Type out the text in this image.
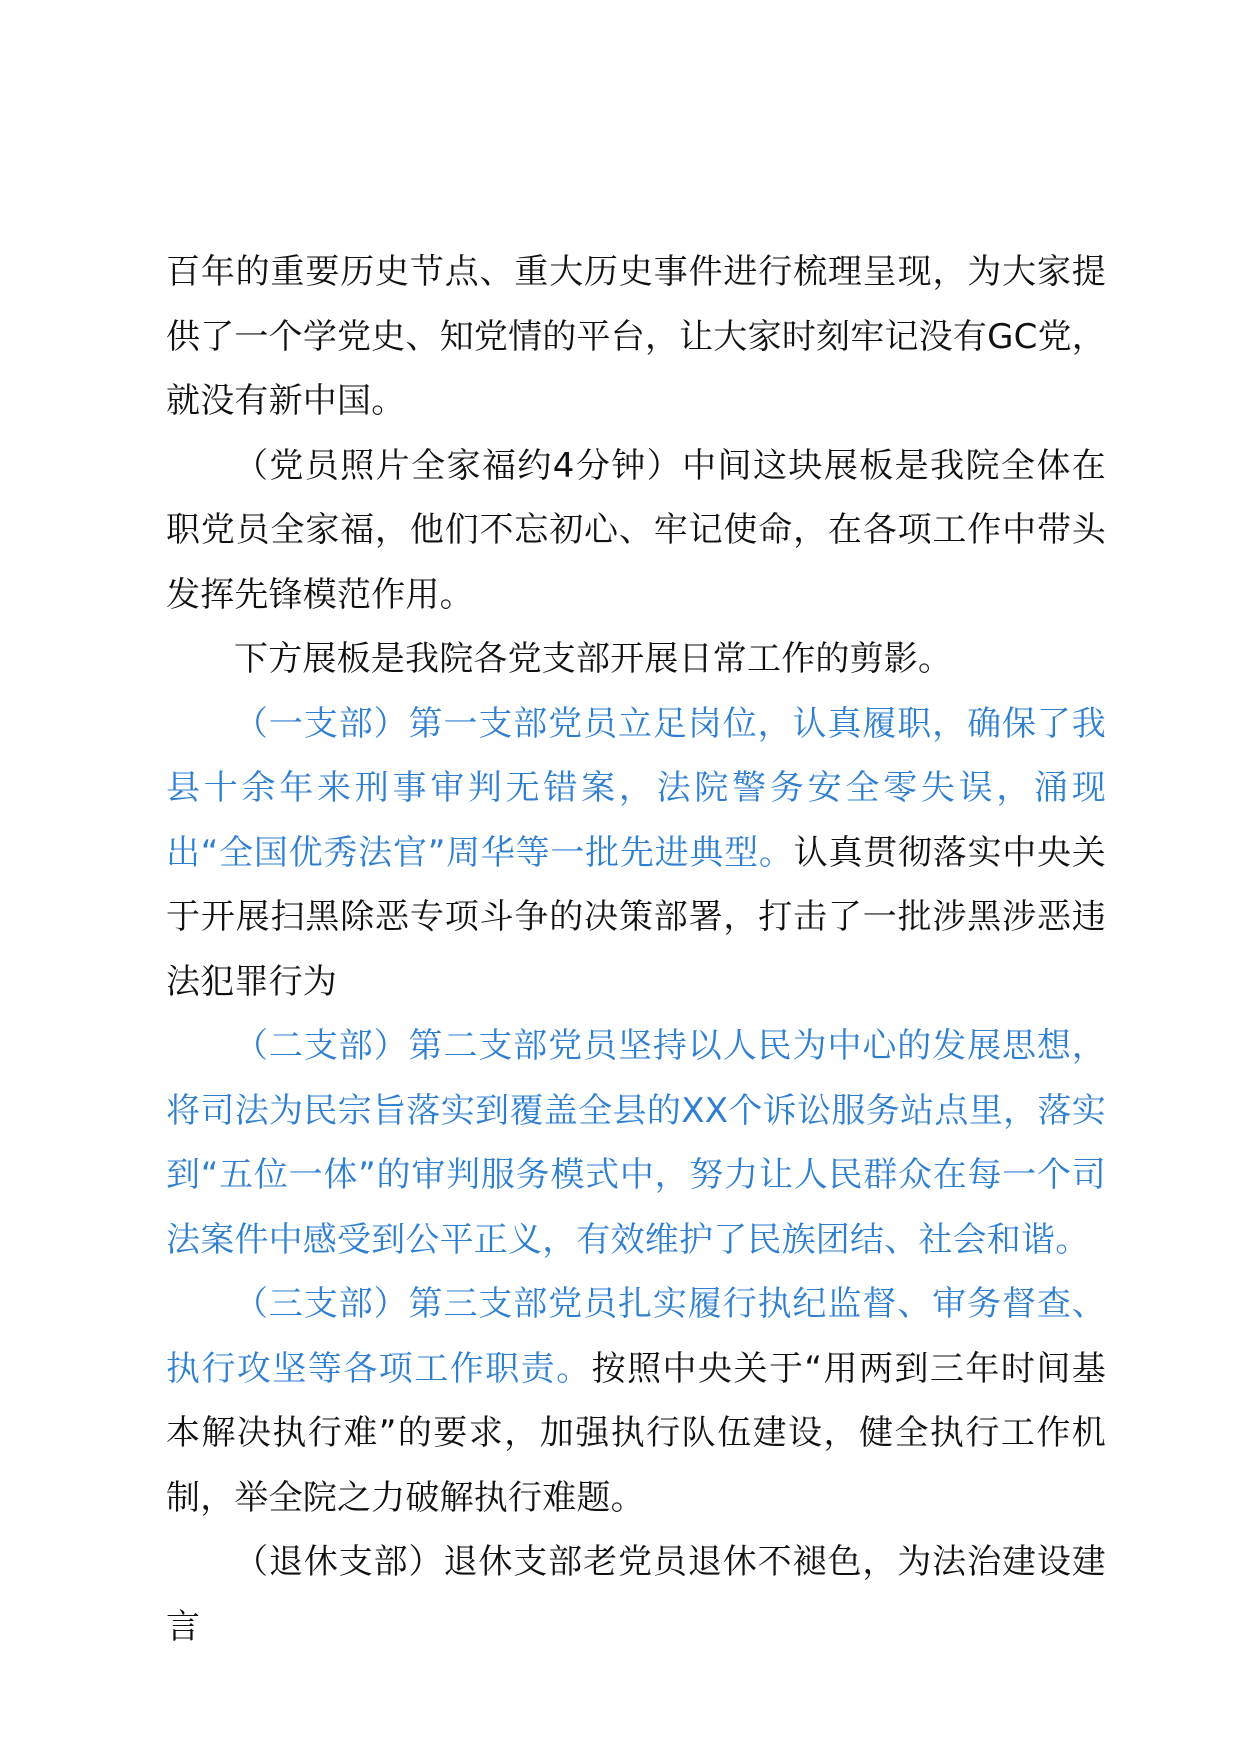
百年的重要历史节点、重大历史事件进行梳理呈现，为大家提供了一个学党史、知党情的平台，让大家时刻牢记没有GC党，就没有新中国。

（党员照片全家福约4分钟）中间这块展板是我院全体在职党员全家福，他们不忘初心、牢记使命，在各项工作中带头发挥先锋模范作用。

下方展板是我院各党支部开展日常工作的剪影。

（一支部）第一支部党员立足岗位，认真履职，确保了我县十余年来刑事审判无错案，法院警务安全零失误，涌现出“全国优秀法官”周华等一批先进典型。认真贯彻落实中央关于开展扫黑除恶专项斗争的决策部署，打击了一批涉黑涉恶违法犯罪行为

（二支部）第二支部党员坚持以人民为中心的发展思想，将司法为民宗旨落实到覆盖全县的XX个诉讼服务站点里，落实到“五位一体”的审判服务模式中，努力让人民群众在每一个司法案件中感受到公平正义，有效维护了民族团结、社会和谐。

（三支部）第三支部党员扎实履行执纪监督、审务督查、执行攻坚等各项工作职责。按照中央关于“用两到三年时间基本解决执行难”的要求，加强执行队伍建设，健全执行工作机制，举全院之力破解执行难题。

（退休支部）退休支部老党员退休不褪色，为法治建设建言
